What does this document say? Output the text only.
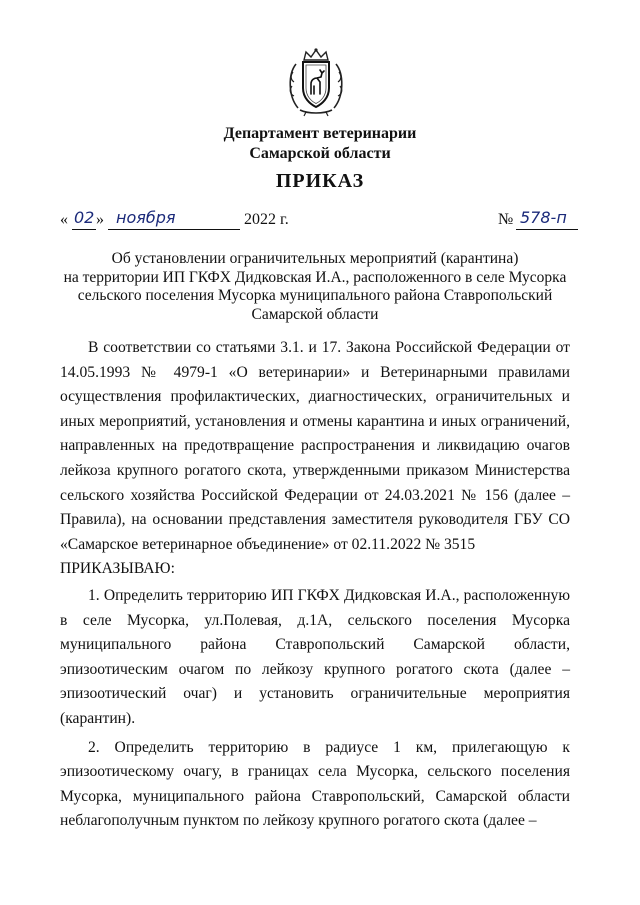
Департамент ветеринарии
Самарской области
ПРИКАЗ
« 02 » ноября	2022 г.	№ 578-п
Об установлении ограничительных мероприятий (карантина)
на территории ИП ГКФХ Дидковская И.А., расположенного в селе Мусорка
сельского поселения Мусорка муниципального района Ставропольский
Самарской области

В соответствии со статьями 3.1. и 17. Закона Российской Федерации от 14.05.1993 № 4979-1 «О ветеринарии» и Ветеринарными правилами осуществления профилактических, диагностических, ограничительных и иных мероприятий, установления и отмены карантина и иных ограничений, направленных на предотвращение распространения и ликвидацию очагов лейкоза крупного рогатого скота, утвержденными приказом Министерства сельского хозяйства Российской Федерации от 24.03.2021 № 156 (далее – Правила), на основании представления заместителя руководителя ГБУ СО «Самарское ветеринарное объединение» от 02.11.2022 № 3515

ПРИКАЗЫВАЮ:

1. Определить территорию ИП ГКФХ Дидковская И.А., расположенную в селе Мусорка, ул.Полевая, д.1А, сельского поселения Мусорка муниципального района Ставропольский Самарской области, эпизоотическим очагом по лейкозу крупного рогатого скота (далее – эпизоотический очаг) и установить ограничительные мероприятия (карантин).

2. Определить территорию в радиусе 1 км, прилегающую к эпизоотическому очагу, в границах села Мусорка, сельского поселения Мусорка, муниципального района Ставропольский, Самарской области неблагополучным пунктом по лейкозу крупного рогатого скота (далее –
